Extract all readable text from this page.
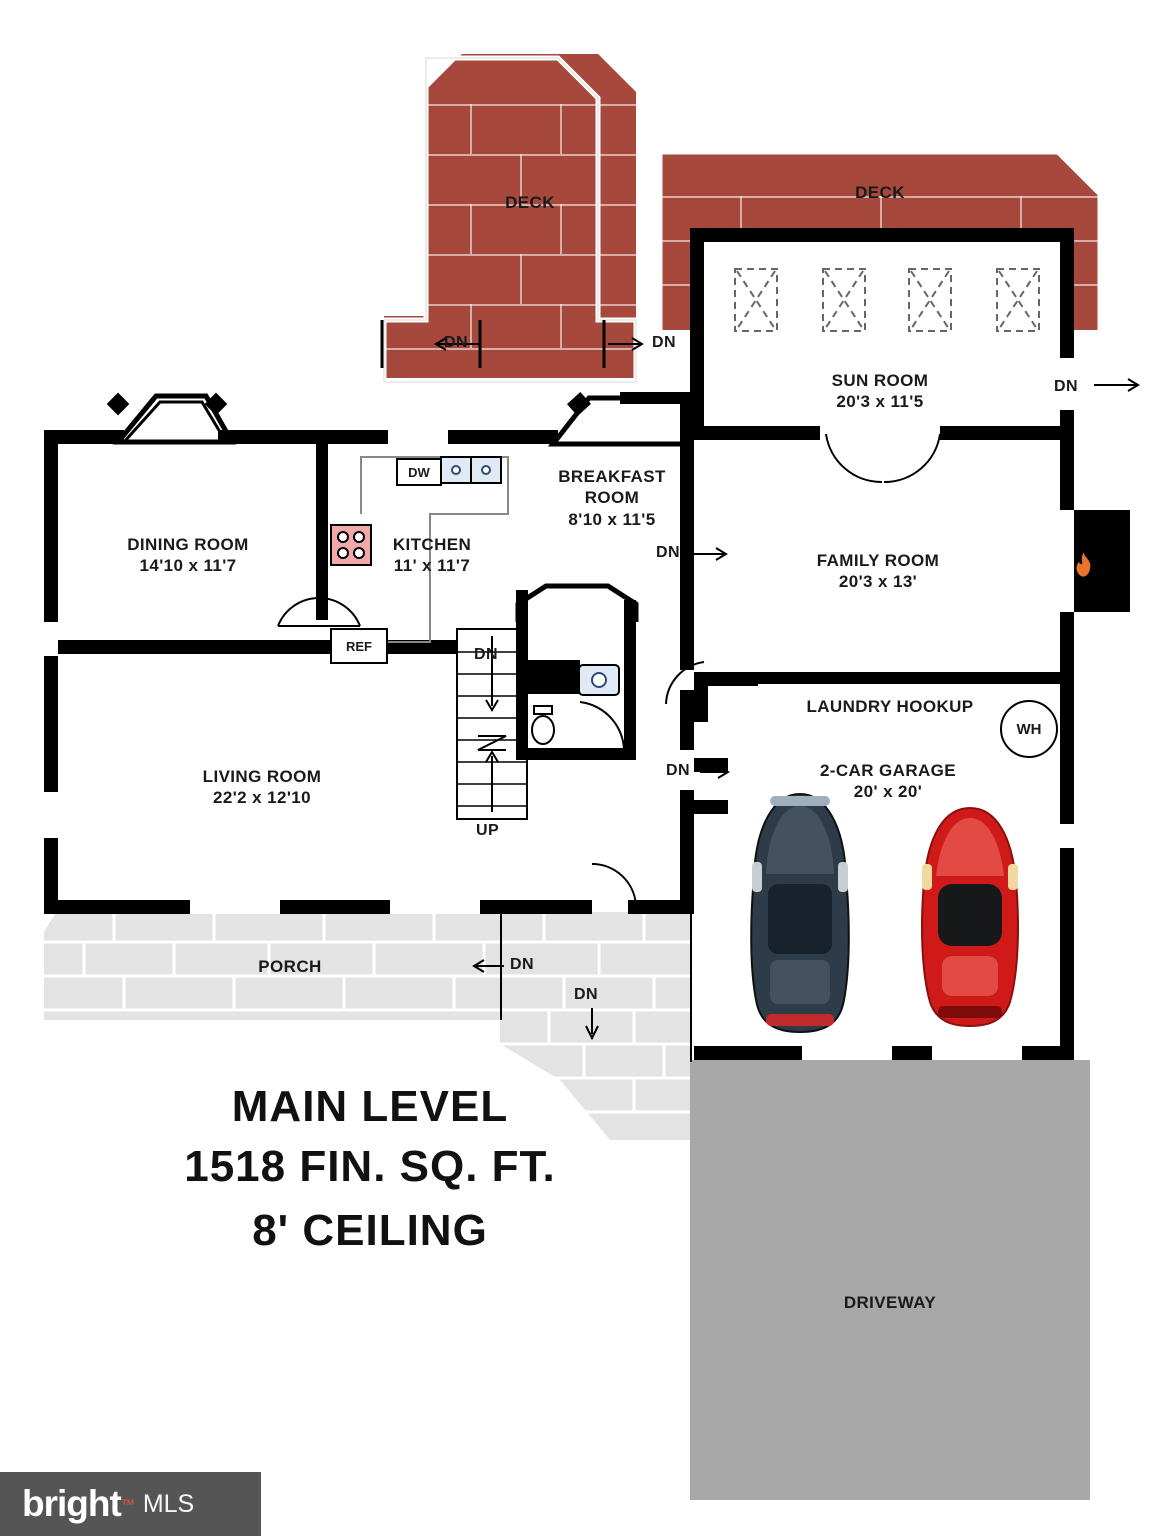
DW
REF
UP
WH
DN	DN
DN
DN
DN
DN
DN
DN
DECK
DECK
SUN ROOM
20'3 x 11'5
BREAKFAST
ROOM
8'10 x 11'5
DINING ROOM
14'10 x 11'7
KITCHEN
11' x 11'7	FAMILY ROOM
20'3 x 13'
LIVING ROOM
22'2 x 12'10
2-CAR GARAGE
20' x 20'
PORCH
DRIVEWAY
LAUNDRY HOOKUP
MAIN LEVEL
1518 FIN. SQ. FT.
8' CEILING
bright ™ MLS
